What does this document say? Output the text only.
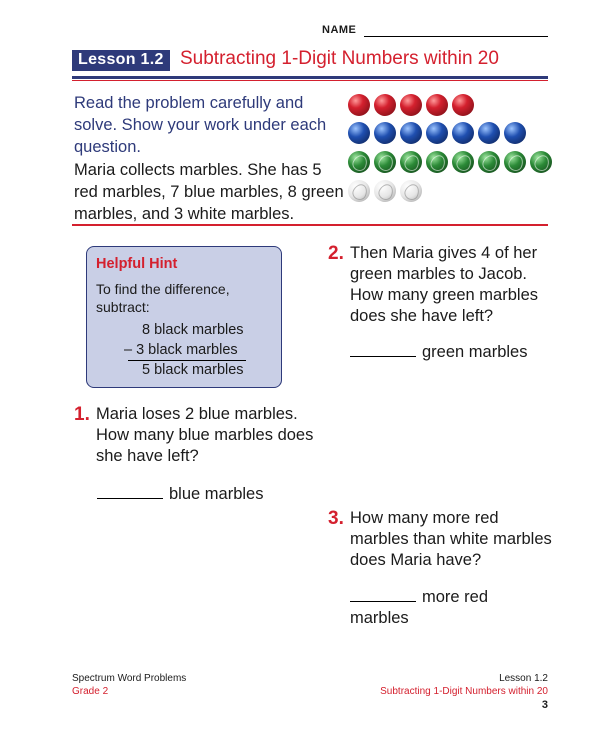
NAME
Lesson 1.2 Subtracting 1-Digit Numbers within 20
Read the problem carefully and solve. Show your work under each question.
Maria collects marbles. She has 5 red marbles, 7 blue marbles, 8 green marbles, and 3 white marbles.
Helpful Hint
To find the difference, subtract:
8 black marbles
– 3 black marbles
5 black marbles
1. Maria loses 2 blue marbles. How many blue marbles does she have left?
blue marbles
2. Then Maria gives 4 of her green marbles to Jacob. How many green marbles does she have left?
green marbles
3. How many more red marbles than white marbles does Maria have?
more red marbles
Spectrum Word Problems
Grade 2
Lesson 1.2
Subtracting 1-Digit Numbers within 20
3
